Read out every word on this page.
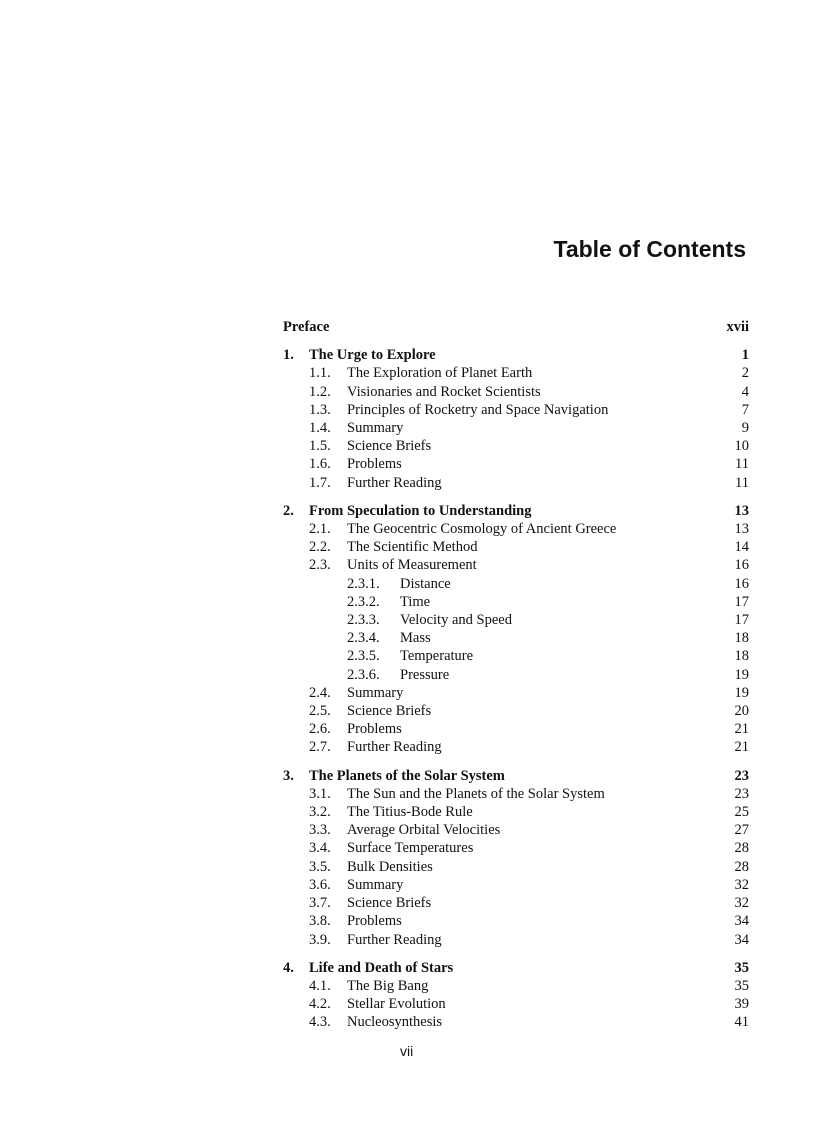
Table of Contents
Preface	xvii
1.	The Urge to Explore	1
1.1.	The Exploration of Planet Earth	2
1.2.	Visionaries and Rocket Scientists	4
1.3.	Principles of Rocketry and Space Navigation	7
1.4.	Summary	9
1.5.	Science Briefs	10
1.6.	Problems	11
1.7.	Further Reading	11
2.	From Speculation to Understanding	13
2.1.	The Geocentric Cosmology of Ancient Greece	13
2.2.	The Scientific Method	14
2.3.	Units of Measurement	16
2.3.1.	Distance	16
2.3.2.	Time	17
2.3.3.	Velocity and Speed	17
2.3.4.	Mass	18
2.3.5.	Temperature	18
2.3.6.	Pressure	19
2.4.	Summary	19
2.5.	Science Briefs	20
2.6.	Problems	21
2.7.	Further Reading	21
3.	The Planets of the Solar System	23
3.1.	The Sun and the Planets of the Solar System	23
3.2.	The Titius-Bode Rule	25
3.3.	Average Orbital Velocities	27
3.4.	Surface Temperatures	28
3.5.	Bulk Densities	28
3.6.	Summary	32
3.7.	Science Briefs	32
3.8.	Problems	34
3.9.	Further Reading	34
4.	Life and Death of Stars	35
4.1.	The Big Bang	35
4.2.	Stellar Evolution	39
4.3.	Nucleosynthesis	41
vii
